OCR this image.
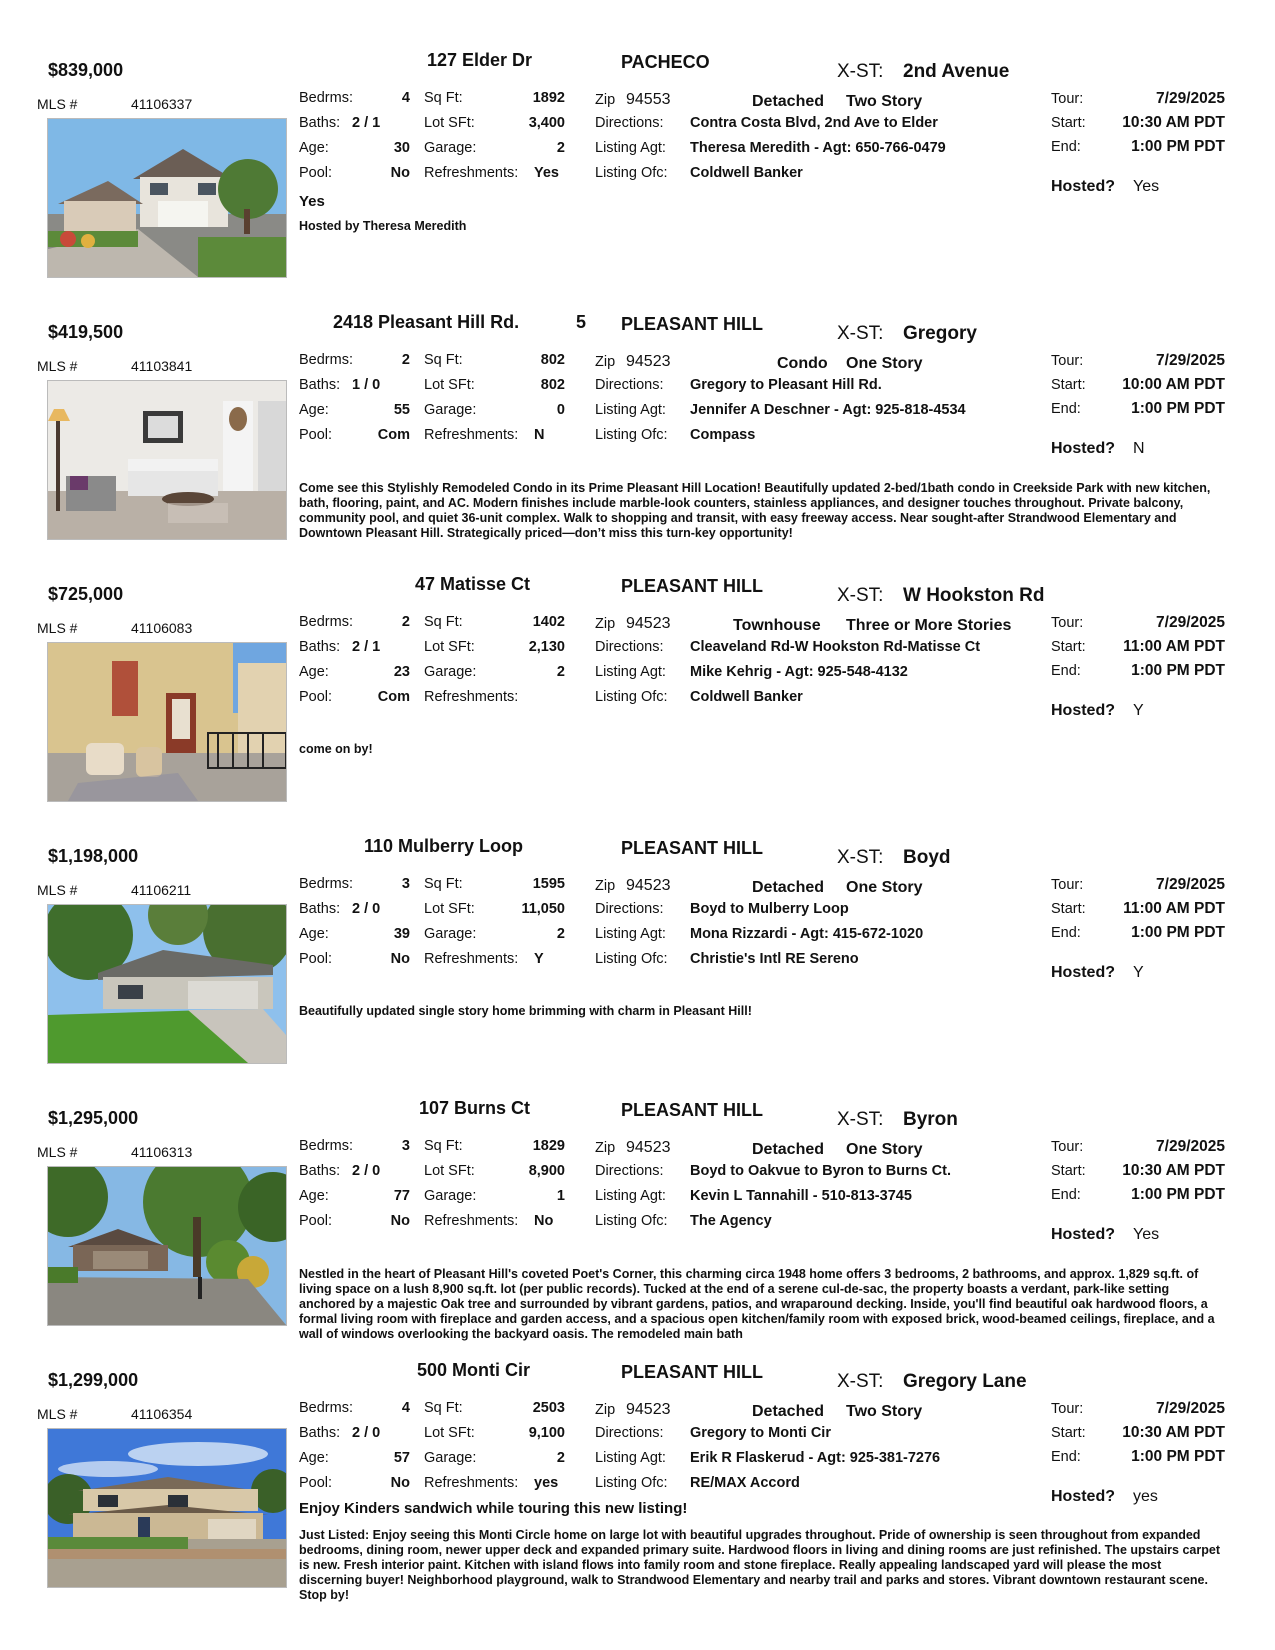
$839,000	127 Elder Dr	PACHECO	X-ST: 2nd Avenue
MLS #	41106337	Bedrms:	4 Sq Ft:	1892
Baths: 2 / 1	Lot SFt:	3,400
Age:	30 Garage:	2
Pool:	No Refreshments: Yes
Zip 94553	Detached Two Story
Directions: Contra Costa Blvd, 2nd Ave to Elder
Listing Agt: Theresa Meredith - Agt: 650-766-0479
Listing Ofc: Coldwell Banker
Tour:	7/29/2025
Start:	10:30 AM PDT
End:	1:00 PM PDT
Hosted? Yes
Yes
Hosted by Theresa Meredith
$419,500	2418 Pleasant Hill Rd.	5 PLEASANT HILL	X-ST: Gregory
MLS #	41103841	Bedrms:	2 Sq Ft:	802
Baths: 1 / 0	Lot SFt:	802
Age:	55 Garage:	0
Pool:	Com Refreshments: N
Zip 94523	Condo One Story
Directions: Gregory to Pleasant Hill Rd.
Listing Agt: Jennifer A Deschner - Agt: 925-818-4534
Listing Ofc: Compass
Tour:	7/29/2025
Start:	10:00 AM PDT
End:	1:00 PM PDT
Hosted? N
Come see this Stylishly Remodeled Condo in its Prime Pleasant Hill Location! Beautifully updated 2-bed/1bath condo in Creekside Park with new kitchen, bath, flooring, paint, and AC. Modern finishes include marble-look counters, stainless appliances, and designer touches throughout. Private balcony, community pool, and quiet 36-unit complex. Walk to shopping and transit, with easy freeway access. Near sought-after Strandwood Elementary and Downtown Pleasant Hill. Strategically priced—don’t miss this turn-key opportunity!
$725,000	47 Matisse Ct	PLEASANT HILL	X-ST: W Hookston Rd
MLS #	41106083	Bedrms:	2 Sq Ft:	1402
Baths: 2 / 1	Lot SFt:	2,130
Age:	23 Garage:	2
Pool:	Com Refreshments:
Zip 94523	Townhouse Three or More Stories
Directions: Cleaveland Rd-W Hookston Rd-Matisse Ct
Listing Agt: Mike Kehrig - Agt: 925-548-4132
Listing Ofc: Coldwell Banker
Tour:	7/29/2025
Start:	11:00 AM PDT
End:	1:00 PM PDT
Hosted? Y
come on by!
$1,198,000	110 Mulberry Loop	PLEASANT HILL	X-ST: Boyd
MLS #	41106211	Bedrms:	3 Sq Ft:	1595
Baths: 2 / 0	Lot SFt:	11,050
Age:	39 Garage:	2
Pool:	No Refreshments: Y
Zip 94523	Detached One Story
Directions: Boyd to Mulberry Loop
Listing Agt: Mona Rizzardi - Agt: 415-672-1020
Listing Ofc: Christie's Intl RE Sereno
Tour:	7/29/2025
Start:	11:00 AM PDT
End:	1:00 PM PDT
Hosted? Y
Beautifully updated single story home brimming with charm in Pleasant Hill!
$1,295,000	107 Burns Ct	PLEASANT HILL	X-ST: Byron
MLS #	41106313	Bedrms:	3 Sq Ft:	1829
Baths: 2 / 0	Lot SFt:	8,900
Age:	77 Garage:	1
Pool:	No Refreshments: No
Zip 94523	Detached One Story
Directions: Boyd to Oakvue to Byron to Burns Ct.
Listing Agt: Kevin L Tannahill - 510-813-3745
Listing Ofc: The Agency
Tour:	7/29/2025
Start:	10:30 AM PDT
End:	1:00 PM PDT
Hosted? Yes
Nestled in the heart of Pleasant Hill's coveted Poet's Corner, this charming circa 1948 home offers 3 bedrooms, 2 bathrooms, and approx. 1,829 sq.ft. of living space on a lush 8,900 sq.ft. lot (per public records). Tucked at the end of a serene cul-de-sac, the property boasts a verdant, park-like setting anchored by a majestic Oak tree and surrounded by vibrant gardens, patios, and wraparound decking. Inside, you'll find beautiful oak hardwood floors, a formal living room with fireplace and garden access, and a spacious open kitchen/family room with exposed brick, wood-beamed ceilings, fireplace, and a wall of windows overlooking the backyard oasis. The remodeled main bath
$1,299,000	500 Monti Cir	PLEASANT HILL	X-ST: Gregory Lane
MLS #	41106354	Bedrms:	4 Sq Ft:	2503
Baths: 2 / 0	Lot SFt:	9,100
Age:	57 Garage:	2
Pool:	No Refreshments: yes
Zip 94523	Detached Two Story
Directions: Gregory to Monti Cir
Listing Agt: Erik R Flaskerud - Agt: 925-381-7276
Listing Ofc: RE/MAX Accord
Tour:	7/29/2025
Start:	10:30 AM PDT
End:	1:00 PM PDT
Hosted? yes
Enjoy Kinders sandwich while touring this new listing!
Just Listed: Enjoy seeing this Monti Circle home on large lot with beautiful upgrades throughout. Pride of ownership is seen throughout from expanded bedrooms, dining room, newer upper deck and expanded primary suite. Hardwood floors in living and dining rooms are just refinished. The upstairs carpet is new. Fresh interior paint. Kitchen with island flows into family room and stone fireplace. Really appealing landscaped yard will please the most discerning buyer! Neighborhood playground, walk to Strandwood Elementary and nearby trail and parks and stores. Vibrant downtown restaurant scene. Stop by!
